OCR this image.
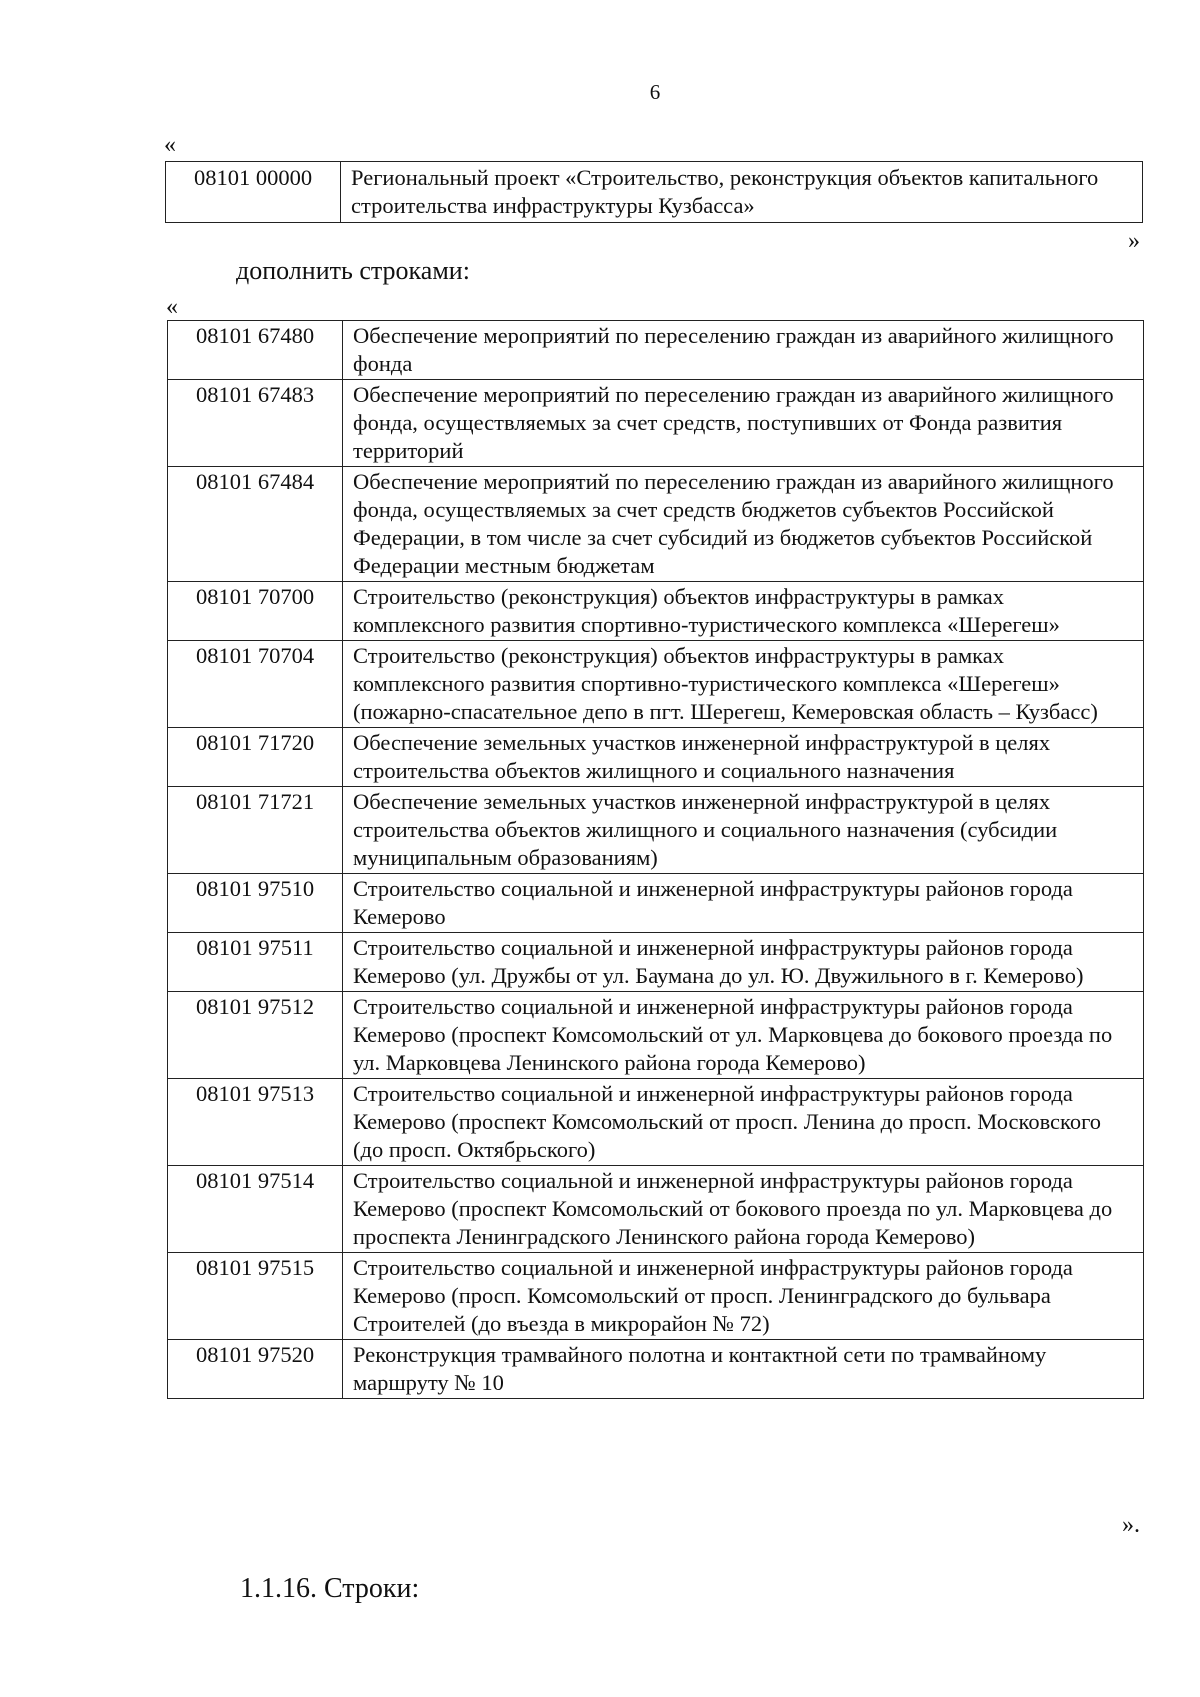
6
«
08101 00000	Региональный проект «Строительство, реконструкция объектов капитального строительства инфраструктуры Кузбасса»
»
дополнить строками:
«
08101 67480	Обеспечение мероприятий по переселению граждан из аварийного жилищного фонда
08101 67483	Обеспечение мероприятий по переселению граждан из аварийного жилищного фонда, осуществляемых за счет средств, поступивших от Фонда развития территорий
08101 67484	Обеспечение мероприятий по переселению граждан из аварийного жилищного фонда, осуществляемых за счет средств бюджетов субъектов Российской Федерации, в том числе за счет субсидий из бюджетов субъектов Российской Федерации местным бюджетам
08101 70700	Строительство (реконструкция) объектов инфраструктуры в рамках комплексного развития спортивно-туристического комплекса «Шерегеш»
08101 70704	Строительство (реконструкция) объектов инфраструктуры в рамках комплексного развития спортивно-туристического комплекса «Шерегеш» (пожарно-спасательное депо в пгт. Шерегеш, Кемеровская область – Кузбасс)
08101 71720	Обеспечение земельных участков инженерной инфраструктурой в целях строительства объектов жилищного и социального назначения
08101 71721	Обеспечение земельных участков инженерной инфраструктурой в целях строительства объектов жилищного и социального назначения (субсидии муниципальным образованиям)
08101 97510	Строительство социальной и инженерной инфраструктуры районов города Кемерово
08101 97511	Строительство социальной и инженерной инфраструктуры районов города Кемерово (ул. Дружбы от ул. Баумана до ул. Ю. Двужильного в г. Кемерово)
08101 97512	Строительство социальной и инженерной инфраструктуры районов города Кемерово (проспект Комсомольский от ул. Марковцева до бокового проезда по ул. Марковцева Ленинского района города Кемерово)
08101 97513	Строительство социальной и инженерной инфраструктуры районов города Кемерово (проспект Комсомольский от просп. Ленина до просп. Московского (до просп. Октябрьского)
08101 97514	Строительство социальной и инженерной инфраструктуры районов города Кемерово (проспект Комсомольский от бокового проезда по ул. Марковцева до проспекта Ленинградского Ленинского района города Кемерово)
08101 97515	Строительство социальной и инженерной инфраструктуры районов города Кемерово (просп. Комсомольский от просп. Ленинградского до бульвара Строителей (до въезда в микрорайон № 72)
08101 97520	Реконструкция трамвайного полотна и контактной сети по трамвайному маршруту № 10
».
1.1.16. Строки:
